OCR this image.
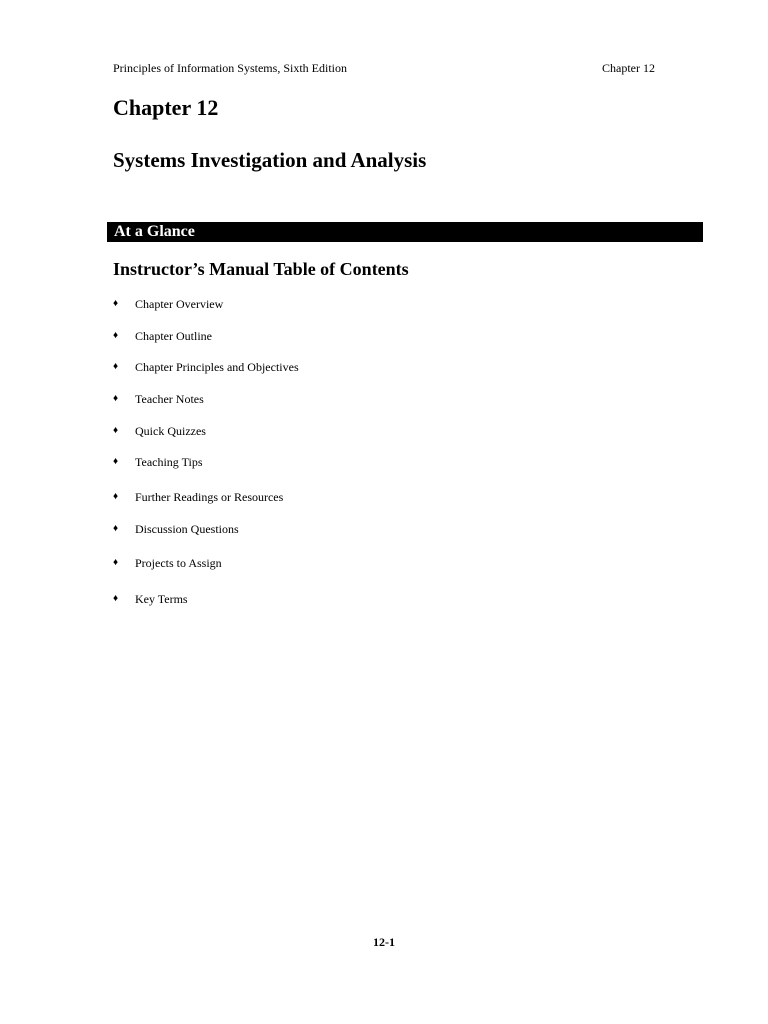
Principles of Information Systems, Sixth Edition	Chapter 12
Chapter 12
Systems Investigation and Analysis
At a Glance
Instructor’s Manual Table of Contents
♦	Chapter Overview
♦	Chapter Outline
♦	Chapter Principles and Objectives
♦	Teacher Notes
♦	Quick Quizzes
♦	Teaching Tips
♦	Further Readings or Resources
♦	Discussion Questions
♦	Projects to Assign
♦	Key Terms
12-1
